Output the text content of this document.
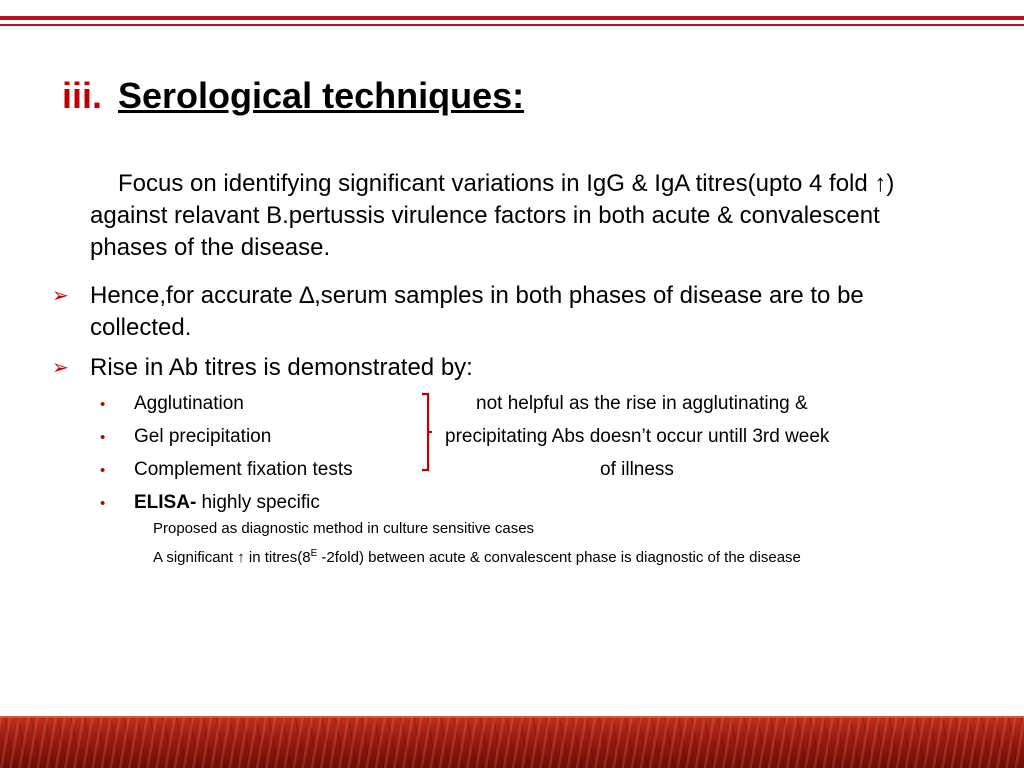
iii. Serological techniques:
Focus on identifying significant variations in IgG & IgA titres(upto 4 fold ↑) against relavant B.pertussis virulence factors in both acute & convalescent phases of the disease.
➢ Hence,for accurate ∆,serum samples in both phases of disease are to be collected.
➢ Rise in Ab titres is demonstrated by:
• Agglutination
• Gel precipitation
• Complement fixation tests
not helpful as the rise in agglutinating &
precipitating Abs doesn’t occur untill 3rd week
of illness
• ELISA- highly specific
Proposed as diagnostic method in culture sensitive cases
A significant ↑ in $titres(8^E$ -2fold) between acute & convalescent phase is diagnostic of the disease
